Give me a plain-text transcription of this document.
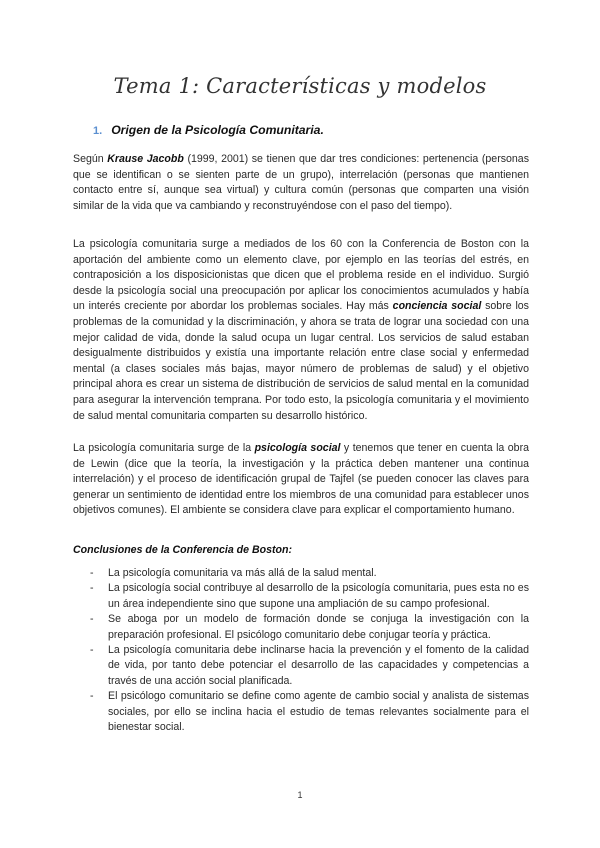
Tema 1: Características y modelos
1. Origen de la Psicología Comunitaria.
Según Krause Jacobb (1999, 2001) se tienen que dar tres condiciones: pertenencia (personas que se identifican o se sienten parte de un grupo), interrelación (personas que mantienen contacto entre sí, aunque sea virtual) y cultura común (personas que comparten una visión similar de la vida que va cambiando y reconstruyéndose con el paso del tiempo).
La psicología comunitaria surge a mediados de los 60 con la Conferencia de Boston con la aportación del ambiente como un elemento clave, por ejemplo en las teorías del estrés, en contraposición a los disposicionistas que dicen que el problema reside en el individuo. Surgió desde la psicología social una preocupación por aplicar los conocimientos acumulados y había un interés creciente por abordar los problemas sociales. Hay más conciencia social sobre los problemas de la comunidad y la discriminación, y ahora se trata de lograr una sociedad con una mejor calidad de vida, donde la salud ocupa un lugar central. Los servicios de salud estaban desigualmente distribuidos y existía una importante relación entre clase social y enfermedad mental (a clases sociales más bajas, mayor número de problemas de salud) y el objetivo principal ahora es crear un sistema de distribución de servicios de salud mental en la comunidad para asegurar la intervención temprana. Por todo esto, la psicología comunitaria y el movimiento de salud mental comunitaria comparten su desarrollo histórico.
La psicología comunitaria surge de la psicología social y tenemos que tener en cuenta la obra de Lewin (dice que la teoría, la investigación y la práctica deben mantener una continua interrelación) y el proceso de identificación grupal de Tajfel (se pueden conocer las claves para generar un sentimiento de identidad entre los miembros de una comunidad para establecer unos objetivos comunes). El ambiente se considera clave para explicar el comportamiento humano.
Conclusiones de la Conferencia de Boston:
- La psicología comunitaria va más allá de la salud mental.
- La psicología social contribuye al desarrollo de la psicología comunitaria, pues esta no es un área independiente sino que supone una ampliación de su campo profesional.
- Se aboga por un modelo de formación donde se conjuga la investigación con la preparación profesional. El psicólogo comunitario debe conjugar teoría y práctica.
- La psicología comunitaria debe inclinarse hacia la prevención y el fomento de la calidad de vida, por tanto debe potenciar el desarrollo de las capacidades y competencias a través de una acción social planificada.
- El psicólogo comunitario se define como agente de cambio social y analista de sistemas sociales, por ello se inclina hacia el estudio de temas relevantes socialmente para el bienestar social.
1
